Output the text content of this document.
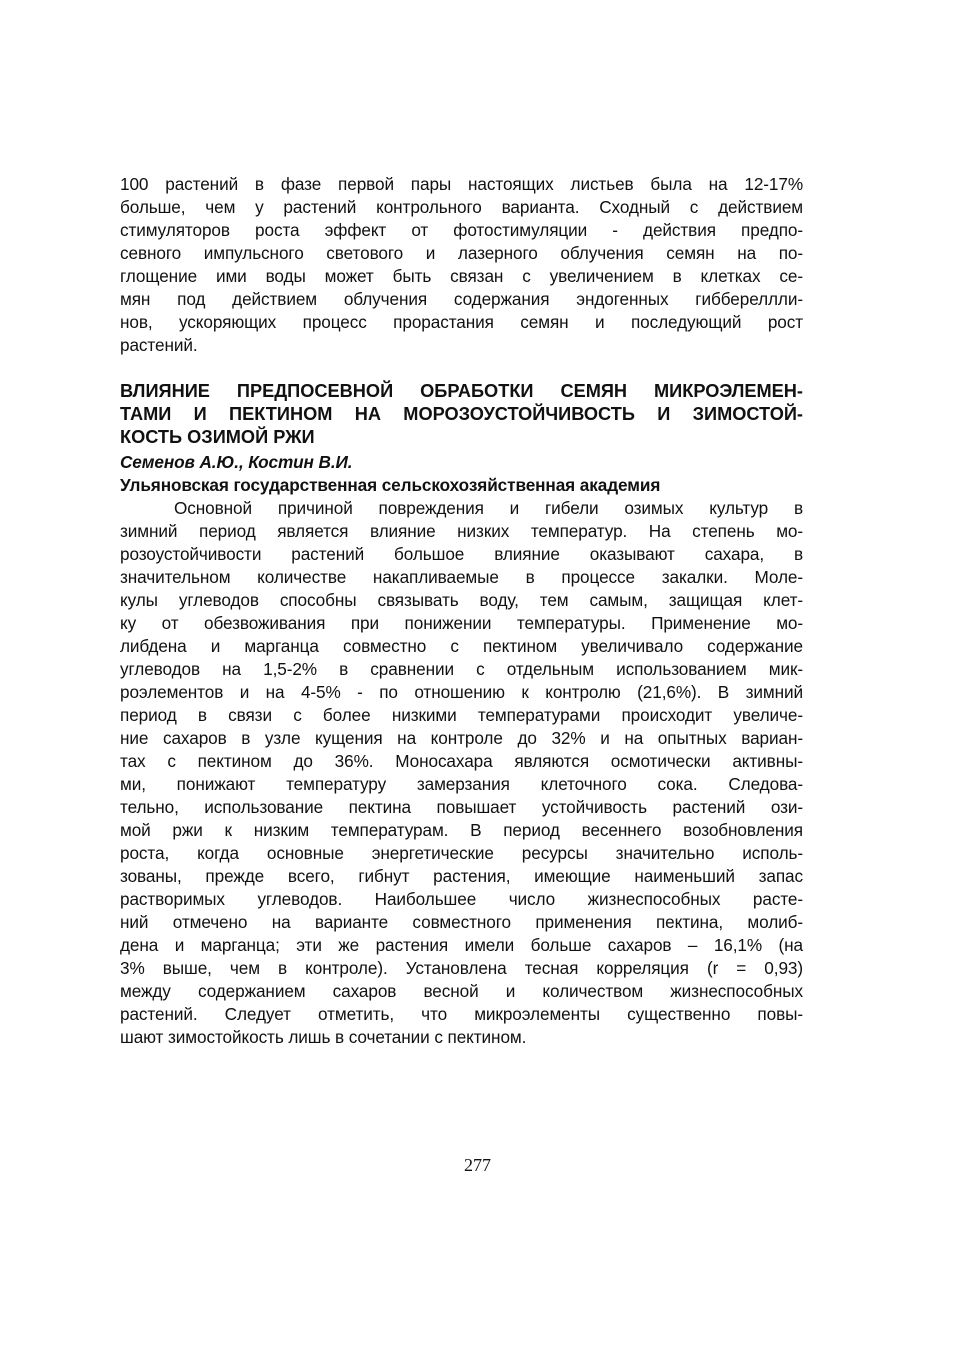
100 растений в фазе первой пары настоящих листьев была на 12-17%
больше, чем у растений контрольного варианта. Сходный с действием
стимуляторов роста эффект от фотостимуляции - действия предпо-
севного импульсного светового и лазерного облучения семян на по-
глощение ими воды может быть связан с увеличением в клетках се-
мян под действием облучения содержания эндогенных гиббереллли-
нов, ускоряющих процесс прорастания семян и последующий рост
растений.
ВЛИЯНИЕ ПРЕДПОСЕВНОЙ ОБРАБОТКИ СЕМЯН МИКРОЭЛЕМЕН-
ТАМИ И ПЕКТИНОМ НА МОРОЗОУСТОЙЧИВОСТЬ И ЗИМОСТОЙ-
КОСТЬ ОЗИМОЙ РЖИ
Семенов А.Ю., Костин В.И.
Ульяновская государственная сельскохозяйственная академия
Основной причиной повреждения и гибели озимых культур в
зимний период является влияние низких температур. На степень мо-
розоустойчивости растений большое влияние оказывают сахара, в
значительном количестве накапливаемые в процессе закалки. Моле-
кулы углеводов способны связывать воду, тем самым, защищая клет-
ку от обезвоживания при понижении температуры. Применение мо-
либдена и марганца совместно с пектином увеличивало содержание
углеводов на 1,5-2% в сравнении с отдельным использованием мик-
роэлементов и на 4-5% - по отношению к контролю (21,6%). В зимний
период в связи с более низкими температурами происходит увеличе-
ние сахаров в узле кущения на контроле до 32% и на опытных вариан-
тах с пектином до 36%. Моносахара являются осмотически активны-
ми, понижают температуру замерзания клеточного сока. Следова-
тельно, использование пектина повышает устойчивость растений ози-
мой ржи к низким температурам. В период весеннего возобновления
роста, когда основные энергетические ресурсы значительно исполь-
зованы, прежде всего, гибнут растения, имеющие наименьший запас
растворимых углеводов. Наибольшее число жизнеспособных расте-
ний отмечено на варианте совместного применения пектина, молиб-
дена и марганца; эти же растения имели больше сахаров – 16,1% (на
3% выше, чем в контроле). Установлена тесная корреляция (r = 0,93)
между содержанием сахаров весной и количеством жизнеспособных
растений. Следует отметить, что микроэлементы существенно повы-
шают зимостойкость лишь в сочетании с пектином.
277
